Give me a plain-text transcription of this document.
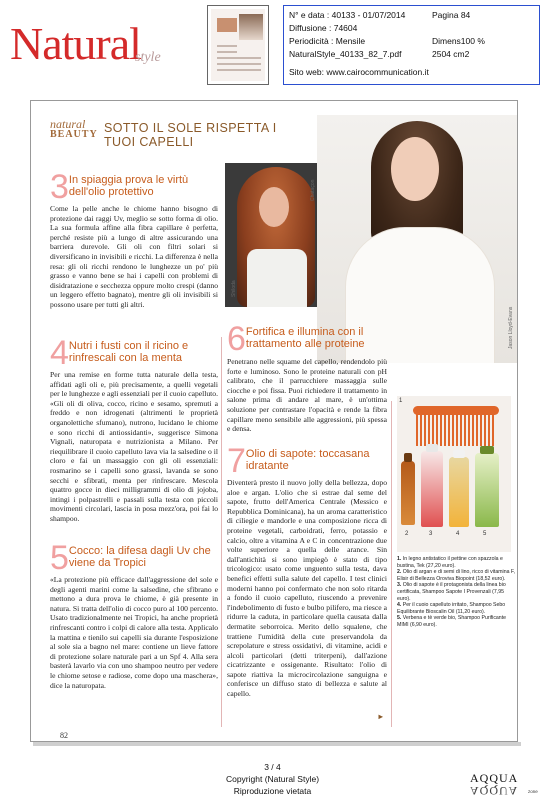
Natural
style
N° e data : 40133 - 01/07/2014	Pagina 84
Diffusione : 74604
Periodicità : Mensile	Dimens100 %
NaturalStyle_40133_82_7.pdf	2504 cm2
Sito web: www.cairocommunication.it
natural
BEAUTY SOTTO IL SOLE RISPETTA I TUOI CAPELLI
3 In spiaggia prova le virtù dell'olio protettivo

Come la pelle anche le chiome hanno bisogno di protezione dai raggi Uv, meglio se sotto forma di olio. La sua formula affine alla fibra capillare è perfetta, perché resiste più a lungo di altre assicurando una barriera durevole. Gli oli con filtri solari si diversificano in invisibili e ricchi. La differenza è nella resa: gli oli ricchi rendono le lunghezze un po' più grasso e vanno bene se hai i capelli con problemi di disidratazione e secchezza oppure molto crespi (danno un leggero effetto bagnato), mentre gli oli invisibili si possono usare per tutti gli altri.

Shiloda
Chataçon
Jason Lloyd-Evans
4 Nutri i fusti con il ricino e rinfrescali con la menta

Per una remise en forme tutta naturale della testa, affidati agli oli e, più precisamente, a quelli vegetali per le lunghezze e agli essenziali per il cuoio capelluto. «Gli oli di oliva, cocco, ricino e sesamo, spremuti a freddo e non idrogenati (altrimenti le proprietà organolettiche sfumano), nutrono, lucidano le chiome e sono ricchi di antiossidanti», suggerisce Simona Vignali, naturopata e nutrizionista a Milano. Per riequilibrare il cuoio capelluto lava via la salsedine o il cloro e fai un massaggio con gli oli essenziali: rosmarino se i capelli sono grassi, lavanda se sono secchi e sfibrati, menta per rinfrescare. Mescola quattro gocce in dieci milligrammi di olio di jojoba, intingi i polpastrelli e passali sulla testa con piccoli movimenti circolari, lascia in posa mezz'ora, poi fai lo shampoo.

5 Cocco: la difesa dagli Uv che viene da Tropici

«La protezione più efficace dall'aggressione del sole e degli agenti marini come la salsedine, che sfibrano e mettono a dura prova le chiome, è già presente in natura. Si tratta dell'olio di cocco puro al 100 percento. Usato tradizionalmente nei Tropici, ha anche proprietà rinfrescanti contro i colpi di calore alla testa. Applicalo la mattina e tienilo sui capelli sia durante l'esposizione al sole sia a bagno nel mare: contiene un lieve fattore di protezione solare naturale pari a un Spf 4. Alla sera basterà lavarlo via con uno shampoo neutro per vedere le chiome setose e radiose, come dopo una maschera», dice la naturopata.

6 Fortifica e illumina con il trattamento alle proteine

Penetrano nelle squame del capello, rendendolo più forte e luminoso. Sono le proteine naturali con pH calibrato, che il parrucchiere massaggia sulle ciocche e poi fissa. Puoi richiedere il trattamento in salone prima di andare al mare, è un'ottima soluzione per contrastare l'opacità e rende la fibra capillare meno sensibile alle aggressioni, più spessa e densa.

7 Olio di sapote: toccasana idratante

Diventerà presto il nuovo jolly della bellezza, dopo aloe e argan. L'olio che si estrae dal seme del sapote, frutto dell'America Centrale (Messico e Repubblica Dominicana), ha un aroma caratteristico di ciliegie e mandorle e una composizione ricca di proteine vegetali, carboidrati, ferro, potassio e calcio, oltre a vitamina A e C in concentrazione due volte superiore a quella delle arance. Sin dall'antichità si sono impiegò è stato di tipo tricologico: usato come unguento sulla testa, dava benefici effetti sulla salute del capello. I test clinici moderni hanno poi confermato che non solo ritarda a fondo il cuoio capelluto, riuscendo a prevenire l'indebolimento di fusto e bulbo pilifero, ma riesce a ridurre la caduta, in particolare quella causata dalla dermatite seborroica. Merito dello squalene, che trattiene l'umidità della cute preservandola da screpolature e stress ossidativi, di vitamine, acidi e alcoli particolari (detti triterpeni), dall'azione cicatrizzante e ossigenante. Risultato: l'olio di sapote riattiva la microcircolazione sanguigna e conferisce un diffuso stato di bellezza e salute al capello.

►
1
2	3	4	5
1. In legno antistatico il pettine con spazzola e bustina, Tek (27,20 euro).
2. Olio di argan e di semi di lino, ricco di vitamina F, Elisir di Bellezza Oroviva Biopoint (18,52 euro).
3. Olio di sapote è il protagonista della linea bio certificata, Shampoo Sapote I Provenzali (7,95 euro).
4. Per il cuoio capelluto irritato, Shampoo Sebo Equilibrante Bioscalin Oil (11,20 euro).
5. Verbena e tè verde bio, Shampoo Purificante MIMI (6,90 euro).
82
3 / 4
Copyright (Natural Style)
Riproduzione vietata
AQQUA
AQQUA zone
